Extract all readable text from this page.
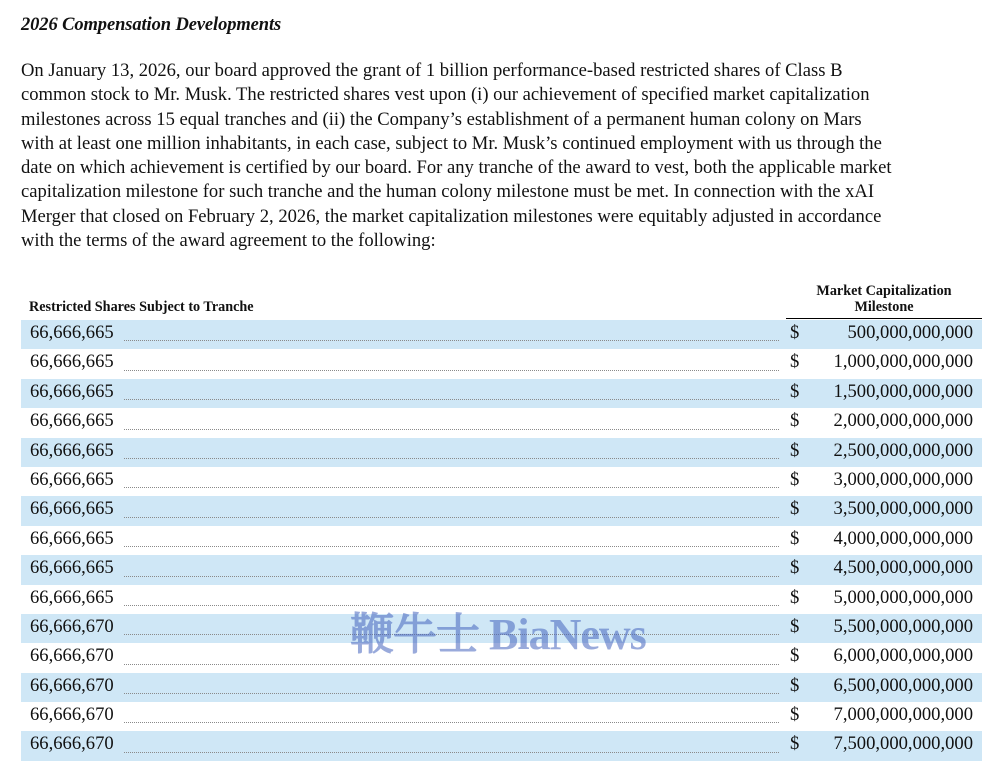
2026 Compensation Developments
On January 13, 2026, our board approved the grant of 1 billion performance-based restricted shares of Class B
common stock to Mr. Musk. The restricted shares vest upon (i) our achievement of specified market capitalization
milestones across 15 equal tranches and (ii) the Company’s establishment of a permanent human colony on Mars
with at least one million inhabitants, in each case, subject to Mr. Musk’s continued employment with us through the
date on which achievement is certified by our board. For any tranche of the award to vest, both the applicable market
capitalization milestone for such tranche and the human colony milestone must be met. In connection with the xAI
Merger that closed on February 2, 2026, the market capitalization milestones were equitably adjusted in accordance
with the terms of the award agreement to the following:
Restricted Shares Subject to Tranche
Market Capitalization Milestone
66,666,665	$	500,000,000,000
66,666,665	$ 1,000,000,000,000
66,666,665	$ 1,500,000,000,000
66,666,665	$ 2,000,000,000,000
66,666,665	$ 2,500,000,000,000
66,666,665	$ 3,000,000,000,000
66,666,665	$ 3,500,000,000,000
66,666,665	$ 4,000,000,000,000
66,666,665	$ 4,500,000,000,000
66,666,665	$ 5,000,000,000,000
66,666,670	$ 5,500,000,000,000
66,666,670	$ 6,000,000,000,000
66,666,670	$ 6,500,000,000,000
66,666,670	$ 7,000,000,000,000
66,666,670	$ 7,500,000,000,000
鞭牛士 BiaNews
